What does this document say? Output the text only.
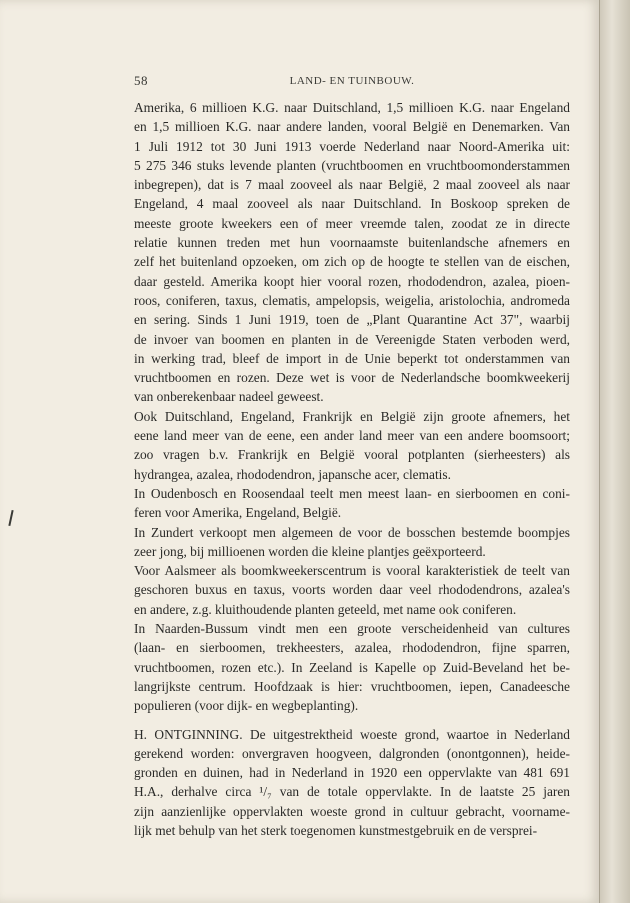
58	LAND- EN TUINBOUW.
Amerika, 6 millioen K.G. naar Duitschland, 1,5 millioen K.G. naar Engeland
en 1,5 millioen K.G. naar andere landen, vooral België en Denemarken. Van
1 Juli 1912 tot 30 Juni 1913 voerde Nederland naar Noord-Amerika uit:
5 275 346 stuks levende planten (vruchtboomen en vruchtboomonderstammen
inbegrepen), dat is 7 maal zooveel als naar België, 2 maal zooveel als naar
Engeland, 4 maal zooveel als naar Duitschland. In Boskoop spreken de
meeste groote kweekers een of meer vreemde talen, zoodat ze in directe
relatie kunnen treden met hun voornaamste buitenlandsche afnemers en
zelf het buitenland opzoeken, om zich op de hoogte te stellen van de eischen,
daar gesteld. Amerika koopt hier vooral rozen, rhododendron, azalea, pioen-
roos, coniferen, taxus, clematis, ampelopsis, weigelia, aristolochia, andromeda
en sering. Sinds 1 Juni 1919, toen de „Plant Quarantine Act 37", waarbij
de invoer van boomen en planten in de Vereenigde Staten verboden werd,
in werking trad, bleef de import in de Unie beperkt tot onderstammen van
vruchtboomen en rozen. Deze wet is voor de Nederlandsche boomkweekerij
van onberekenbaar nadeel geweest.
Ook Duitschland, Engeland, Frankrijk en België zijn groote afnemers, het
eene land meer van de eene, een ander land meer van een andere boomsoort;
zoo vragen b.v. Frankrijk en België vooral potplanten (sierheesters) als
hydrangea, azalea, rhododendron, japansche acer, clematis.
In Oudenbosch en Roosendaal teelt men meest laan- en sierboomen en coni-
feren voor Amerika, Engeland, België.
In Zundert verkoopt men algemeen de voor de bosschen bestemde boompjes
zeer jong, bij millioenen worden die kleine plantjes geëxporteerd.
Voor Aalsmeer als boomkweekerscentrum is vooral karakteristiek de teelt van
geschoren buxus en taxus, voorts worden daar veel rhododendrons, azalea's
en andere, z.g. kluithoudende planten geteeld, met name ook coniferen.
In Naarden-Bussum vindt men een groote verscheidenheid van cultures
(laan- en sierboomen, trekheesters, azalea, rhododendron, fijne sparren,
vruchtboomen, rozen etc.). In Zeeland is Kapelle op Zuid-Beveland het be-
langrijkste centrum. Hoofdzaak is hier: vruchtboomen, iepen, Canadeesche
populieren (voor dijk- en wegbeplanting).
H. ONTGINNING. De uitgestrektheid woeste grond, waartoe in Nederland
gerekend worden: onvergraven hoogveen, dalgronden (onontgonnen), heide-
gronden en duinen, had in Nederland in 1920 een oppervlakte van 481 691
H.A., derhalve circa ¹/₇ van de totale oppervlakte. In de laatste 25 jaren
zijn aanzienlijke oppervlakten woeste grond in cultuur gebracht, voorname-
lijk met behulp van het sterk toegenomen kunstmestgebruik en de versprei-
